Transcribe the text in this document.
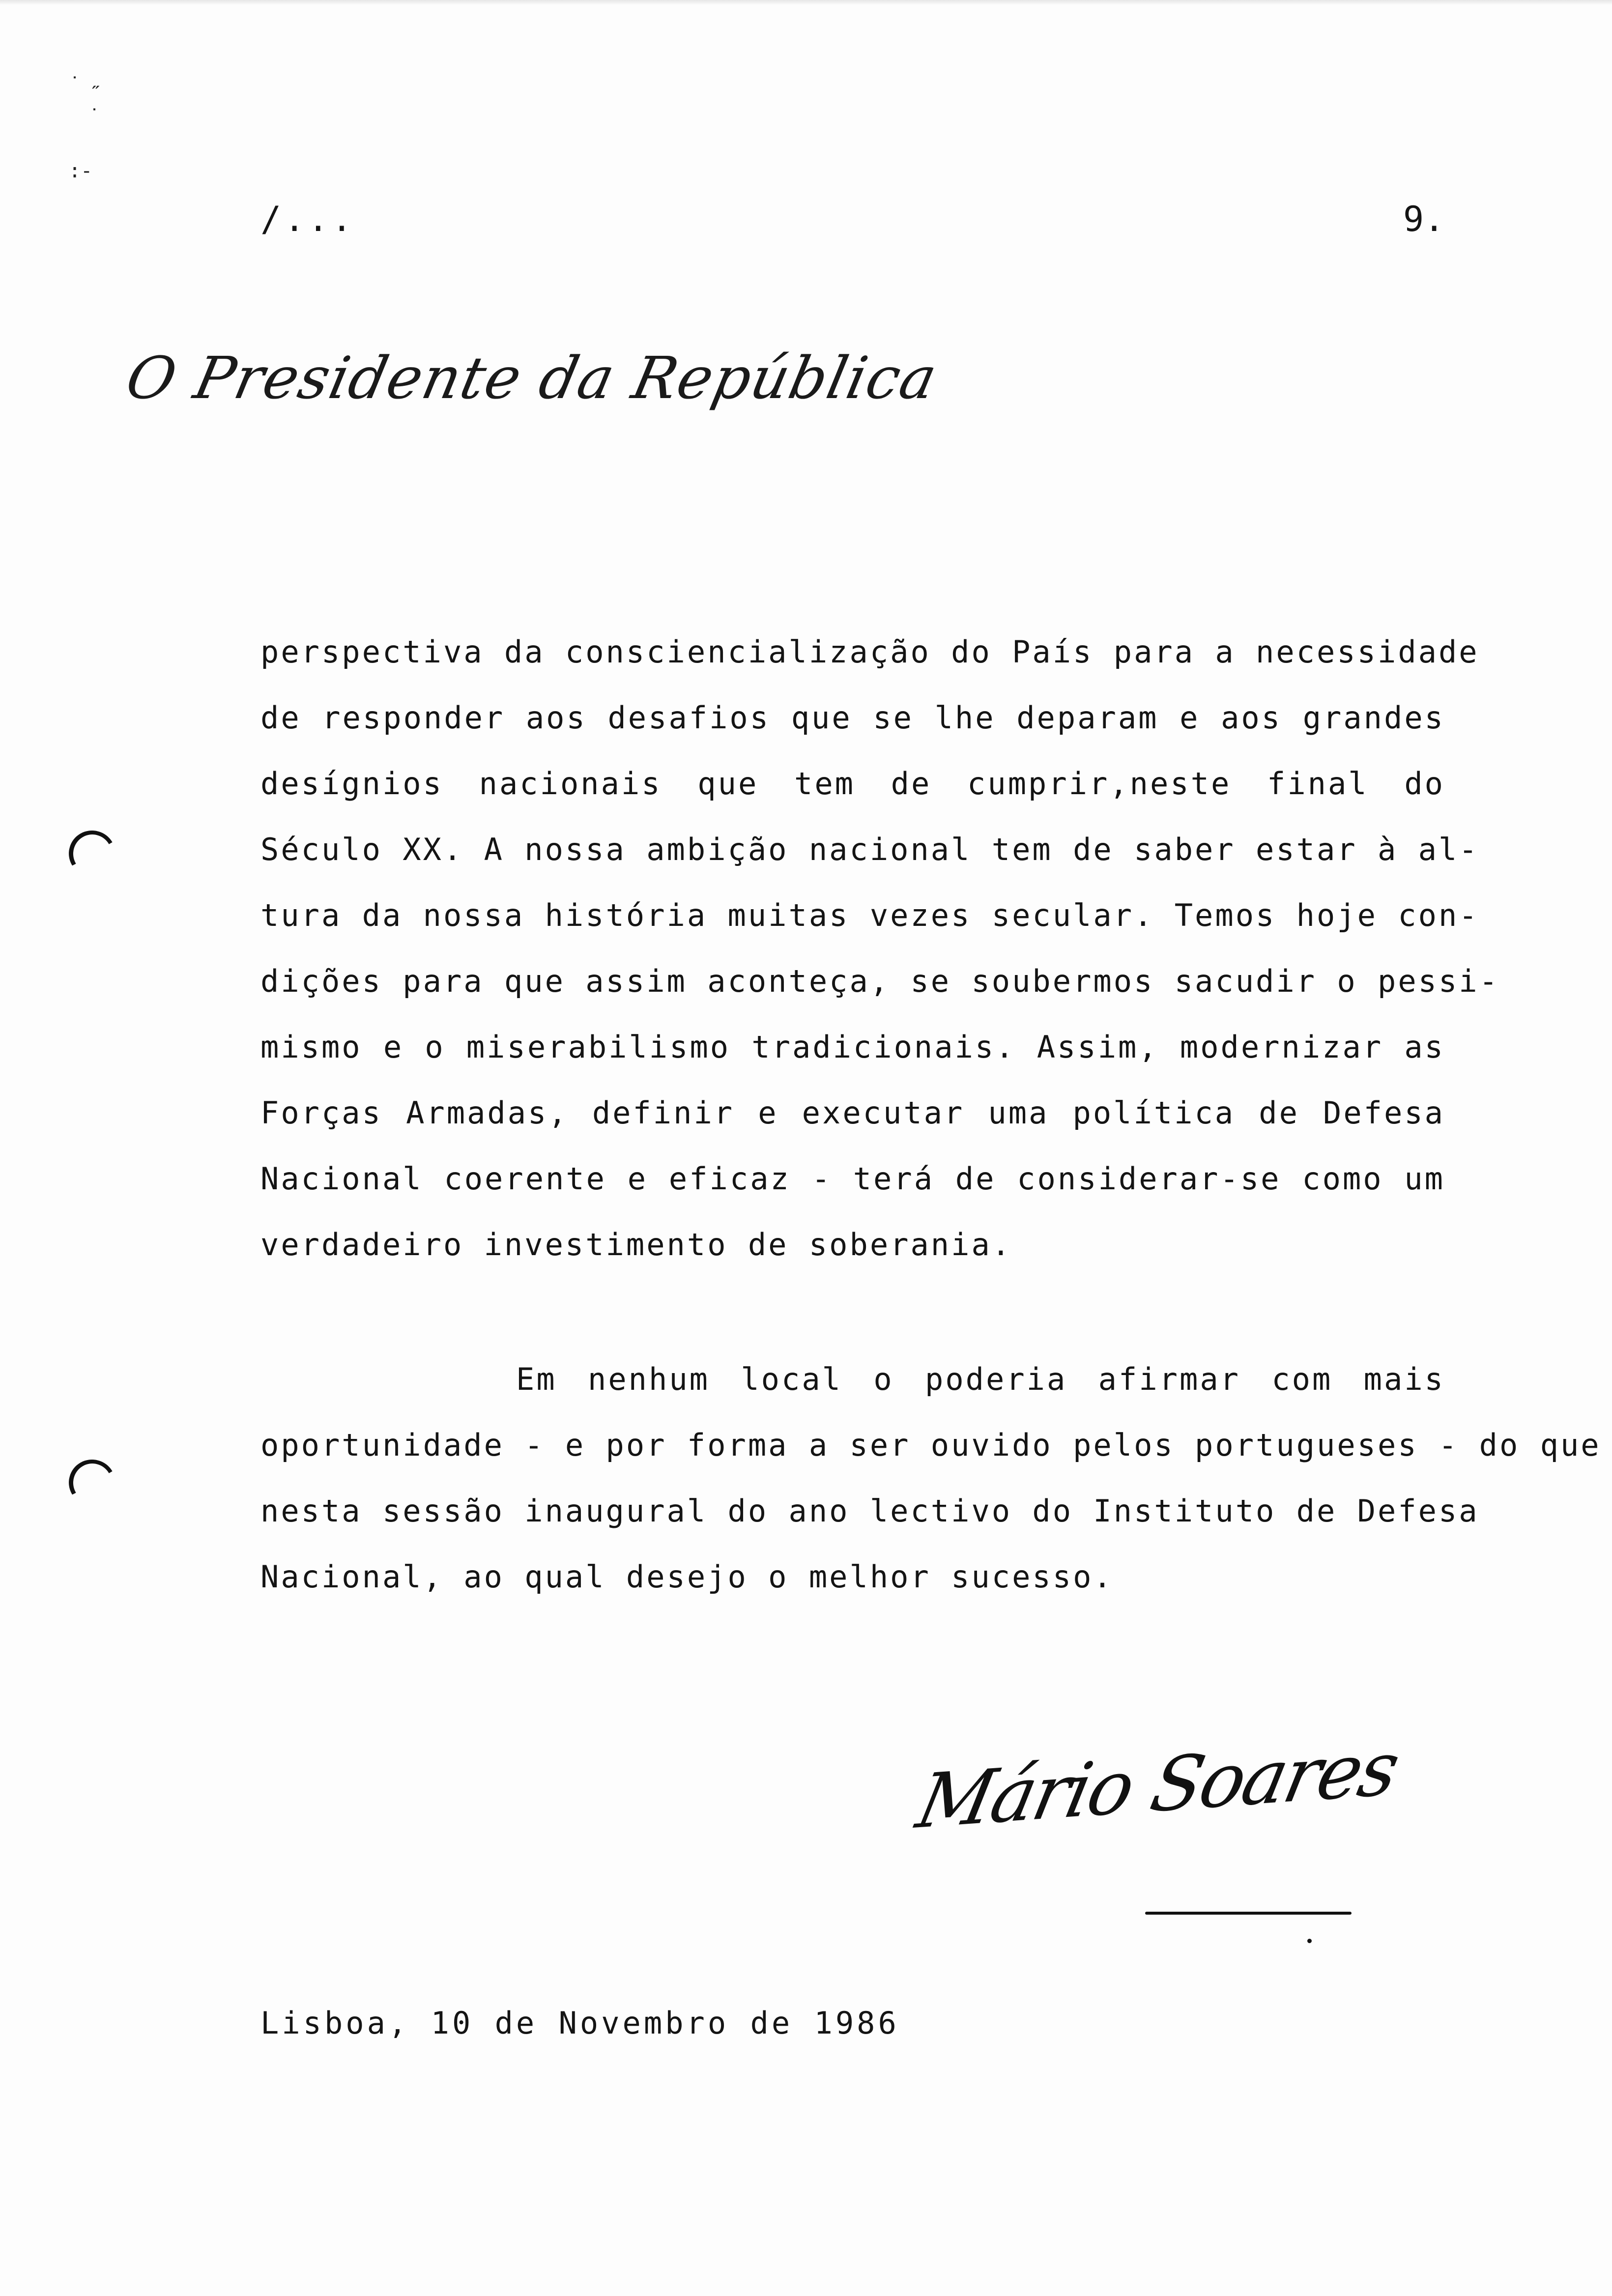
˙ ˶
˙
:-
/...	9.
O Presidente da República
perspectiva da consciencialização do País para a necessidade
de responder aos desafios que se lhe deparam e aos grandes
desígnios nacionais que tem de cumprir,neste final do
Século XX. A nossa ambição nacional tem de saber estar à al-
tura da nossa história muitas vezes secular. Temos hoje con-
dições para que assim aconteça, se soubermos sacudir o pessi-
mismo e o miserabilismo tradicionais. Assim, modernizar as
Forças Armadas, definir e executar uma política de Defesa
Nacional coerente e eficaz - terá de considerar-se como um
verdadeiro investimento de soberania.
Em nenhum local o poderia afirmar com mais
oportunidade - e por forma a ser ouvido pelos portugueses - do que
nesta sessão inaugural do ano lectivo do Instituto de Defesa
Nacional, ao qual desejo o melhor sucesso.
Mário Soares
Lisboa, 10 de Novembro de 1986
